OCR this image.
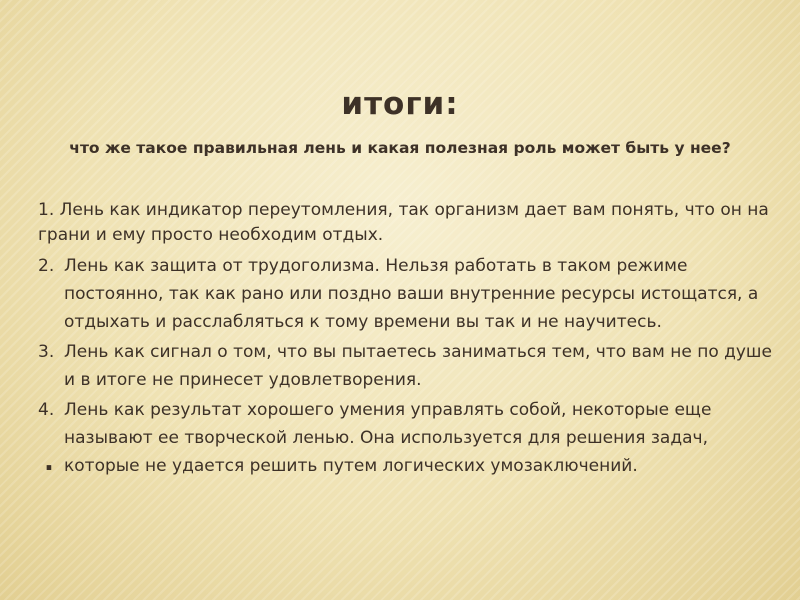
итоги:
что же такое правильная лень и какая полезная роль может быть у нее?
1. Лень как индикатор переутомления, так организм дает вам понять, что он на грани и ему просто необходим отдых.
2. Лень как защита от трудоголизма. Нельзя работать в таком режиме постоянно, так как рано или поздно ваши внутренние ресурсы истощатся, а отдыхать и расслабляться к тому времени вы так и не научитесь.
3. Лень как сигнал о том, что вы пытаетесь заниматься тем, что вам не по душе и в итоге не принесет удовлетворения.
4. Лень как результат хорошего умения управлять собой, некоторые еще называют ее творческой ленью. Она используется для решения задач, которые не удается решить путем логических умозаключений.
.
